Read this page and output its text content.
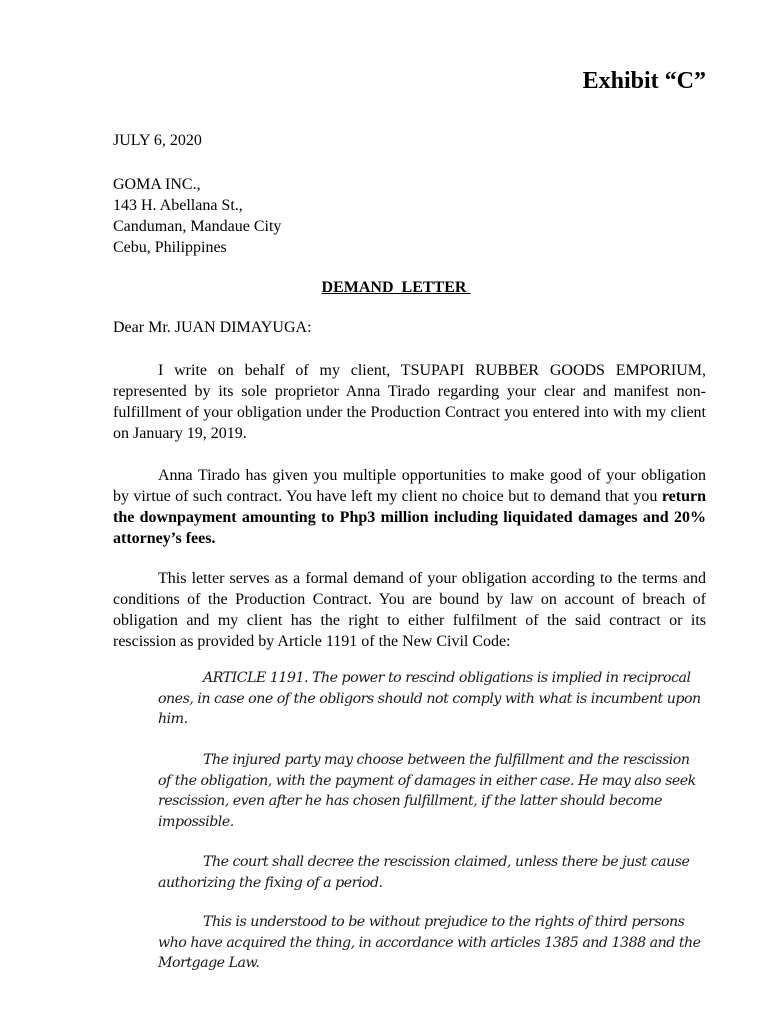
Exhibit “C”
JULY 6, 2020
GOMA INC.,
143 H. Abellana St.,
Canduman, Mandaue City
Cebu, Philippines
DEMAND  LETTER
Dear Mr. JUAN DIMAYUGA:

I write on behalf of my client, TSUPAPI RUBBER GOODS EMPORIUM, represented by its sole proprietor Anna Tirado regarding your clear and manifest non-fulfillment of your obligation under the Production Contract you entered into with my client on January 19, 2019.

Anna Tirado has given you multiple opportunities to make good of your obligation by virtue of such contract. You have left my client no choice but to demand that you return the downpayment amounting to Php3 million including liquidated damages and 20% attorney’s fees.

This letter serves as a formal demand of your obligation according to the terms and conditions of the Production Contract. You are bound by law on account of breach of obligation and my client has the right to either fulfilment of the said contract or its rescission as provided by Article 1191 of the New Civil Code:

ARTICLE 1191. The power to rescind obligations is implied in reciprocal ones, in case one of the obligors should not comply with what is incumbent upon him.

The injured party may choose between the fulfillment and the rescission of the obligation, with the payment of damages in either case. He may also seek rescission, even after he has chosen fulfillment, if the latter should become impossible.

The court shall decree the rescission claimed, unless there be just cause authorizing the fixing of a period.

This is understood to be without prejudice to the rights of third persons who have acquired the thing, in accordance with articles 1385 and 1388 and the Mortgage Law.
